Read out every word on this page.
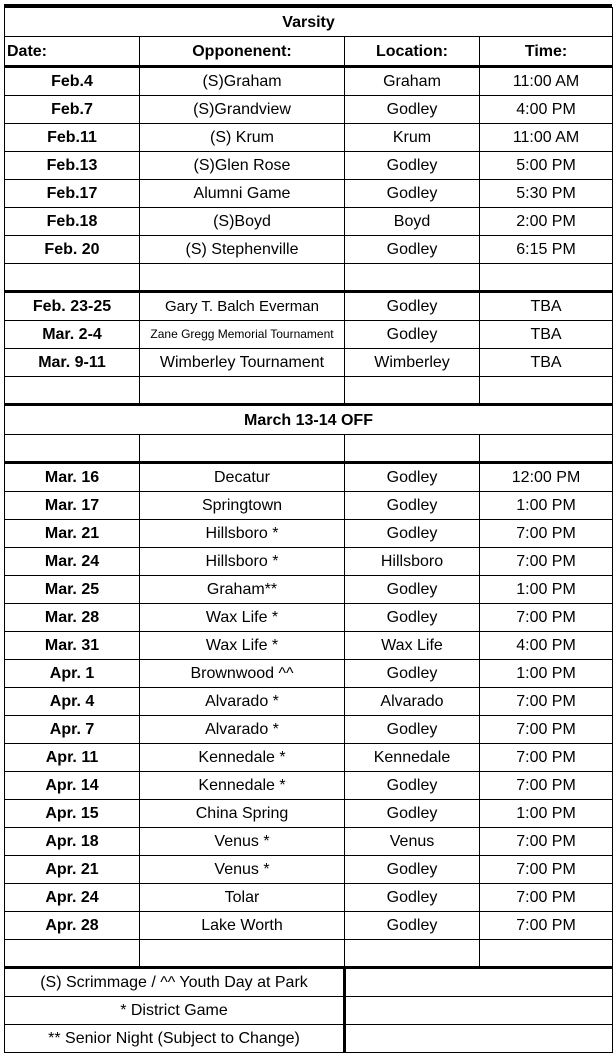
Varsity			
Date:	Opponenent:	Location:	Time:
Feb.4	(S)Graham	Graham	11:00 AM
Feb.7	(S)Grandview	Godley	4:00 PM
Feb.11	(S) Krum	Krum	11:00 AM
Feb.13	(S)Glen Rose	Godley	5:00 PM
Feb.17	Alumni Game	Godley	5:30 PM
Feb.18	(S)Boyd	Boyd	2:00 PM
Feb. 20	(S) Stephenville	Godley	6:15 PM

Feb. 23-25	Gary T. Balch Everman	Godley	TBA
Mar. 2-4	Zane Gregg Memorial Tournament	Godley	TBA
Mar. 9-11	Wimberley Tournament	Wimberley	TBA

March 13-14 OFF			

Mar. 16	Decatur	Godley	12:00 PM
Mar. 17	Springtown	Godley	1:00 PM
Mar. 21	Hillsboro *	Godley	7:00 PM
Mar. 24	Hillsboro *	Hillsboro	7:00 PM
Mar. 25	Graham**	Godley	1:00 PM
Mar. 28	Wax Life *	Godley	7:00 PM
Mar. 31	Wax Life *	Wax Life	4:00 PM
Apr. 1	Brownwood ^^	Godley	1:00 PM
Apr. 4	Alvarado *	Alvarado	7:00 PM
Apr. 7	Alvarado *	Godley	7:00 PM
Apr. 11	Kennedale *	Kennedale	7:00 PM
Apr. 14	Kennedale *	Godley	7:00 PM
Apr. 15	China Spring	Godley	1:00 PM
Apr. 18	Venus *	Venus	7:00 PM
Apr. 21	Venus *	Godley	7:00 PM
Apr. 24	Tolar	Godley	7:00 PM
Apr. 28	Lake Worth	Godley	7:00 PM

(S) Scrimmage / ^^ Youth Day at Park			
* District Game			
** Senior Night (Subject to Change)			
